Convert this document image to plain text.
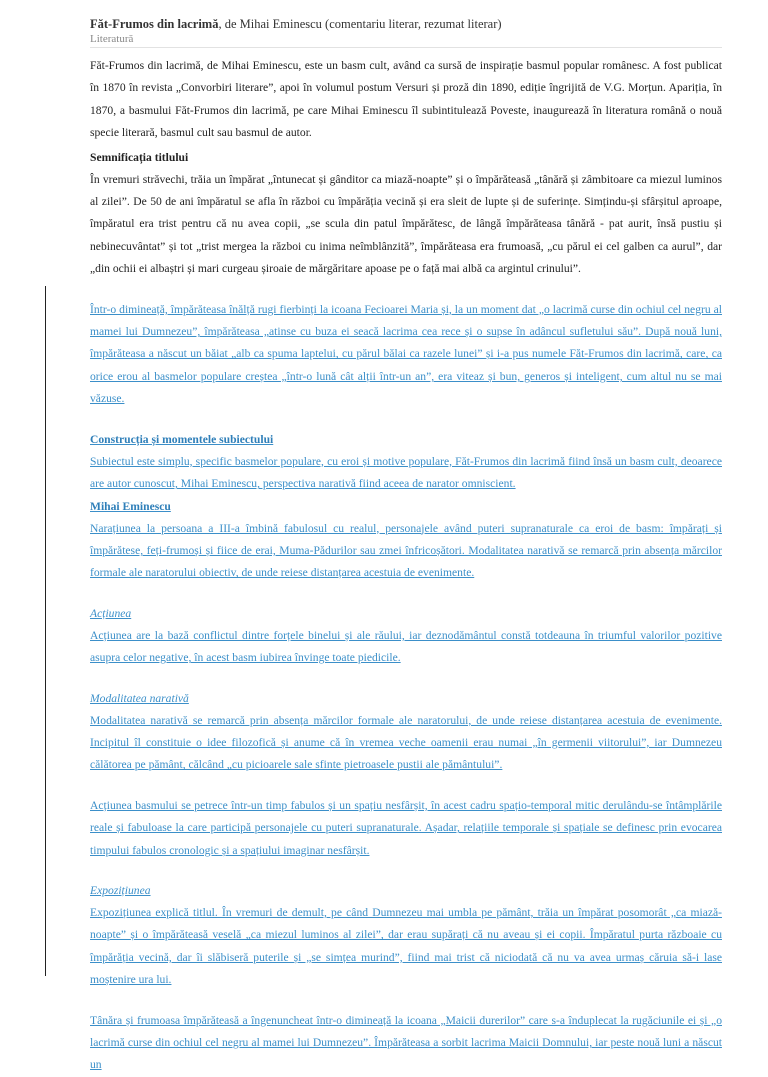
Făt-Frumos din lacrimă, de Mihai Eminescu (comentariu literar, rezumat literar)
Literatură

Făt-Frumos din lacrimă, de Mihai Eminescu, este un basm cult, având ca sursă de inspirație basmul popular românesc. A fost publicat în 1870 în revista „Convorbiri literare”, apoi în volumul postum Versuri și proză din 1890, ediție îngrijită de V.G. Morțun. Apariția, în 1870, a basmului Făt-Frumos din lacrimă, pe care Mihai Eminescu îl subintitulează Poveste, inaugurează în literatura română o nouă specie literară, basmul cult sau basmul de autor.

Semnificația titlului

În vremuri străvechi, trăia un împărat „întunecat și gânditor ca miază-noapte” și o împărăteasă „tânără și zâmbitoare ca miezul luminos al zilei”. De 50 de ani împăratul se afla în război cu împărăția vecină și era sleit de lupte și de suferințe. Simțindu-și sfârșitul aproape, împăratul era trist pentru că nu avea copii, „se scula din patul împărătesc, de lângă împărăteasa tânără - pat aurit, însă pustiu și nebinecuvântat” și tot „trist mergea la război cu inima neîmblânzită”, împărăteasa era frumoasă, „cu părul ei cel galben ca aurul”, dar „din ochii ei albaștri și mari curgeau șiroaie de mărgăritare apoase pe o față mai albă ca argintul crinului”.

Într-o dimineață, împărăteasa înălță rugi fierbinți la icoana Fecioarei Maria și, la un moment dat „o lacrimă curse din ochiul cel negru al mamei lui Dumnezeu”, împărăteasa „atinse cu buza ei seacă lacrima cea rece și o supse în adâncul sufletului său”. După nouă luni, împărăteasa a născut un băiat „alb ca spuma laptelui, cu părul bălai ca razele lunei” și i-a pus numele Făt-Frumos din lacrimă, care, ca orice erou al basmelor populare creștea „într-o lună cât alții într-un an”, era viteaz și bun, generos și inteligent, cum altul nu se mai văzuse.

Construcția și momentele subiectului

Subiectul este simplu, specific basmelor populare, cu eroi și motive populare, Făt-Frumos din lacrimă fiind însă un basm cult, deoarece are autor cunoscut, Mihai Eminescu, perspectiva narativă fiind aceea de narator omniscient.

Mihai Eminescu

Narațiunea la persoana a III-a îmbină fabulosul cu realul, personajele având puteri supranaturale ca eroi de basm: împărați și împărătese, feți-frumoși și fiice de erai, Muma-Pădurilor sau zmei înfricoșători. Modalitatea narativă se remarcă prin absența mărcilor formale ale naratorului obiectiv, de unde reiese distanțarea acestuia de evenimente.

Acțiunea

Acțiunea are la bază conflictul dintre forțele binelui și ale răului, iar deznodământul constă totdeauna în triumful valorilor pozitive asupra celor negative, în acest basm iubirea învinge toate piedicile.

Modalitatea narativă

Modalitatea narativă se remarcă prin absența mărcilor formale ale naratorului, de unde reiese distanțarea acestuia de evenimente. Incipitul îl constituie o idee filozofică și anume că în vremea veche oamenii erau numai „în germenii viitorului”, iar Dumnezeu călătorea pe pământ, călcând „cu picioarele sale sfinte pietroasele pustii ale pământului”.

Acțiunea basmului se petrece într-un timp fabulos și un spațiu nesfârșit, în acest cadru spațio-temporal mitic derulându-se întâmplările reale și fabuloase la care participă personajele cu puteri supranaturale. Așadar, relațiile temporale și spațiale se definesc prin evocarea timpului fabulos cronologic și a spațiului imaginar nesfârșit.

Expozițiunea

Expozițiunea explică titlul. În vremuri de demult, pe când Dumnezeu mai umbla pe pământ, trăia un împărat posomorât „ca miază-noapte” și o împărăteasă veselă „ca miezul luminos al zilei”, dar erau supărați că nu aveau și ei copii. Împăratul purta războaie cu împărăția vecină, dar îi slăbiseră puterile și „se simțea murind”, fiind mai trist că niciodată că nu va avea urmaș căruia să-i lase moștenire ura lui.

Tânăra și frumoasa împărăteasă a îngenuncheat într-o dimineață la icoana „Maicii durerilor” care s-a înduplecat la rugăciunile ei și „o lacrimă curse din ochiul cel negru al mamei lui Dumnezeu”. Împărăteasa a sorbit lacrima Maicii Domnului, iar peste nouă luni a născut un
